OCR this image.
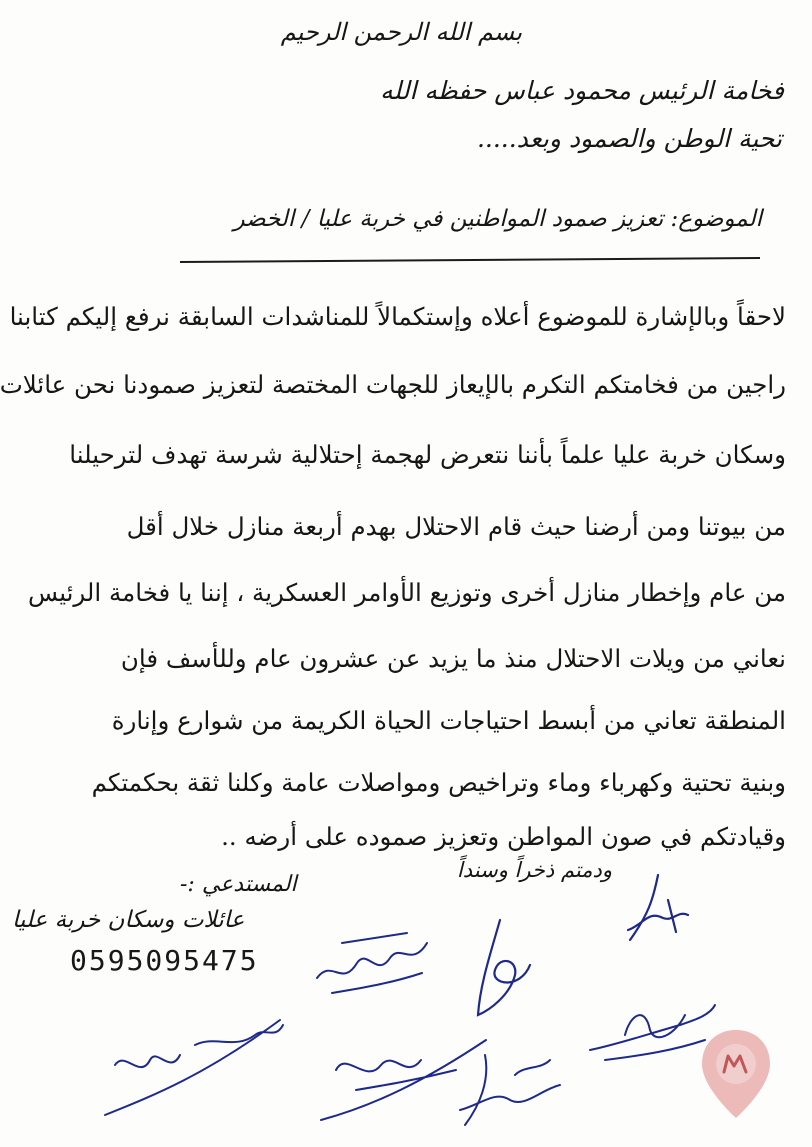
بسم الله الرحمن الرحيم

فخامة الرئيس محمود عباس حفظه الله

تحية الوطن والصمود وبعد.....

الموضوع: تعزيز صمود المواطنين في خربة عليا / الخضر

لاحقاً وبالإشارة للموضوع أعلاه وإستكمالاً للمناشدات السابقة نرفع إليكم كتابنا

راجين من فخامتكم التكرم بالإيعاز للجهات المختصة لتعزيز صمودنا نحن عائلات

وسكان خربة عليا علماً بأننا نتعرض لهجمة إحتلالية شرسة تهدف لترحيلنا

من بيوتنا ومن أرضنا حيث قام الاحتلال بهدم أربعة منازل خلال أقل

من عام وإخطار منازل أخرى وتوزيع الأوامر العسكرية ، إننا يا فخامة الرئيس

نعاني من ويلات الاحتلال منذ ما يزيد عن عشرون عام وللأسف فإن

المنطقة تعاني من أبسط احتياجات الحياة الكريمة من شوارع وإنارة

وبنية تحتية وكهرباء وماء وتراخيص ومواصلات عامة وكلنا ثقة بحكمتكم

وقيادتكم في صون المواطن وتعزيز صموده على أرضه ..

ودمتم ذخراً وسنداً

المستدعي :-

عائلات وسكان خربة عليا

0595095475
